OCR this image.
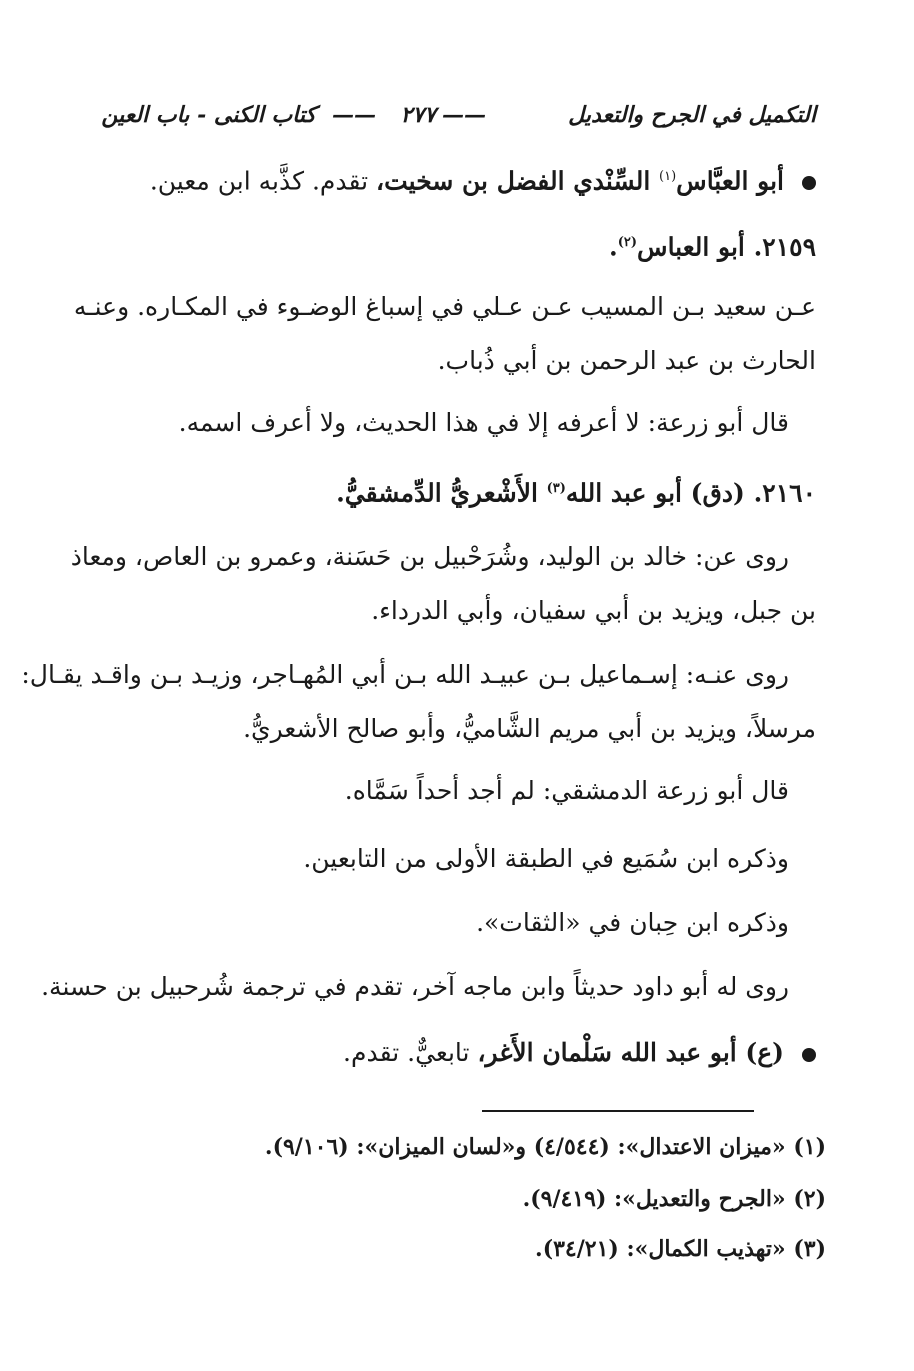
التكميل في الجرح والتعديل
——
٢٧٧
——
كتاب الكنى - باب العين
أبو العبَّاس$^{(١)}$ السِّنْدي الفضل بن سخيت، تقدم. كذَّبه ابن معين.
٢١٥٩. أبو العباس$^{(٢)}$.
عـن سعيد بـن المسيب عـن عـلي في إسباغ الوضـوء في المكـاره. وعنـه
الحارث بن عبد الرحمن بن أبي ذُباب.
قال أبو زرعة: لا أعرفه إلا في هذا الحديث، ولا أعرف اسمه.
٢١٦٠. (دق) أبو عبد الله$^{(٣)}$ الأَشْعريُّ الدِّمشقيُّ.
روى عن: خالد بن الوليد، وشُرَحْبيل بن حَسَنة، وعمرو بن العاص، ومعاذ
بن جبل، ويزيد بن أبي سفيان، وأبي الدرداء.
روى عنـه: إسـماعيل بـن عبيـد الله بـن أبي المُهـاجر، وزيـد بـن واقـد يقـال:
مرسلاً، ويزيد بن أبي مريم الشَّاميُّ، وأبو صالح الأشعريُّ.
قال أبو زرعة الدمشقي: لم أجد أحداً سَمَّاه.
وذكره ابن سُمَيع في الطبقة الأولى من التابعين.
وذكره ابن حِبان في «الثقات».
روى له أبو داود حديثاً وابن ماجه آخر، تقدم في ترجمة شُرحبيل بن حسنة.
(ع) أبو عبد الله سَلْمان الأَغر، تابعيٌّ. تقدم.
(١) «ميزان الاعتدال»: (٤/٥٤٤) و«لسان الميزان»: (٩/١٠٦).
(٢) «الجرح والتعديل»: (٩/٤١٩).
(٣) «تهذيب الكمال»: (٣٤/٢١).
